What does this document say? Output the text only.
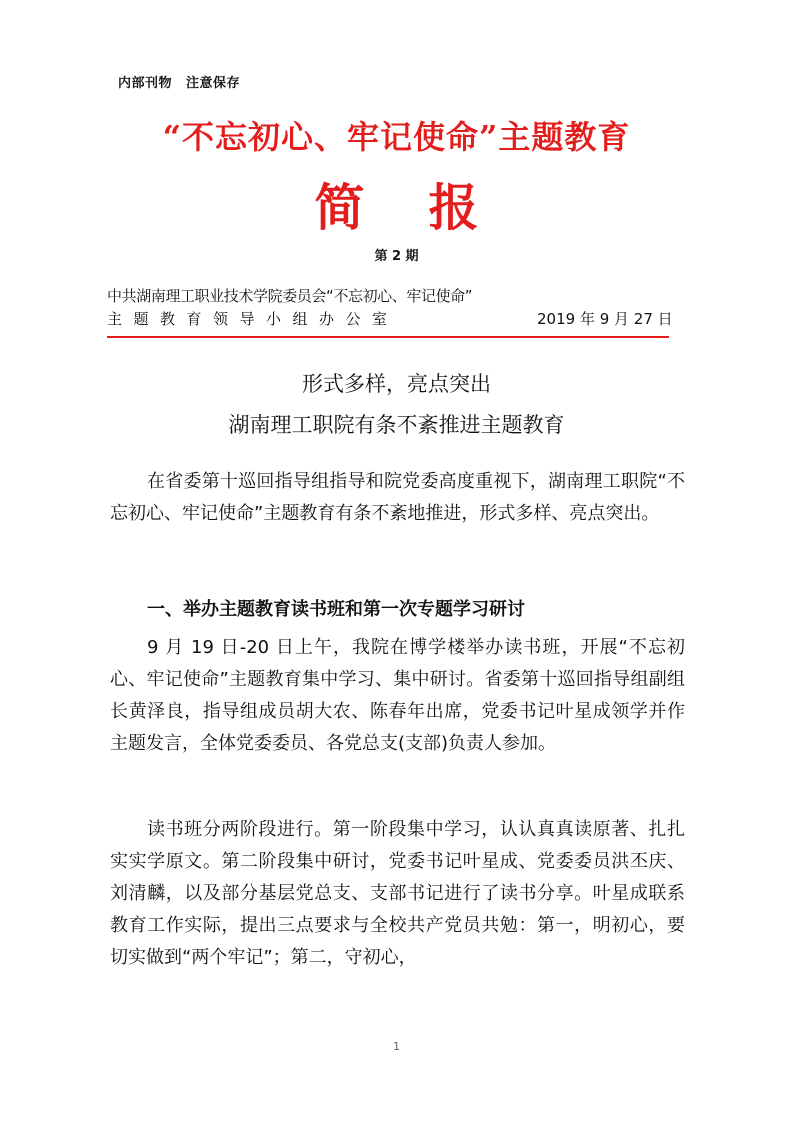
内部刊物 注意保存
“不忘初心、牢记使命”主题教育
简 报
第 2 期
中共湖南理工职业技术学院委员会“不忘初心、牢记使命”
主题教育领导小组办公室	2019 年 9 月 27 日
形式多样，亮点突出
湖南理工职院有条不紊推进主题教育
在省委第十巡回指导组指导和院党委高度重视下，湖南理工职院“不忘初心、牢记使命”主题教育有条不紊地推进，形式多样、亮点突出。
一、举办主题教育读书班和第一次专题学习研讨
9 月 19 日-20 日上午，我院在博学楼举办读书班，开展“不忘初心、牢记使命”主题教育集中学习、集中研讨。省委第十巡回指导组副组长黄泽良，指导组成员胡大农、陈春年出席，党委书记叶星成领学并作主题发言，全体党委委员、各党总支(支部)负责人参加。
读书班分两阶段进行。第一阶段集中学习，认认真真读原著、扎扎实实学原文。第二阶段集中研讨，党委书记叶星成、党委委员洪丕庆、刘清麟，以及部分基层党总支、支部书记进行了读书分享。叶星成联系教育工作实际，提出三点要求与全校共产党员共勉：第一，明初心，要切实做到“两个牢记”；第二，守初心，
1
